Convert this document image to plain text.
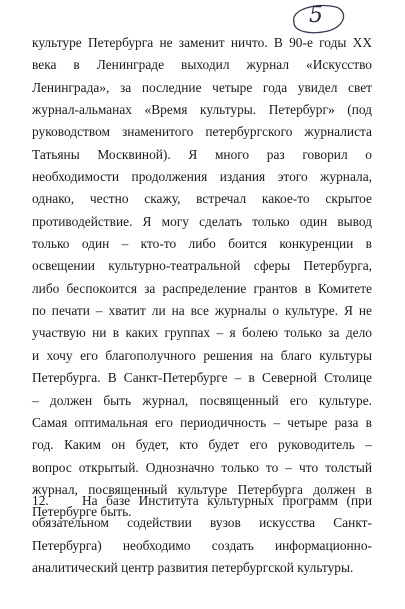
5
культуре Петербурга не заменит ничто. В 90-е годы XX
века в Ленинграде выходил журнал «Искусство
Ленинграда», за последние четыре года увидел свет
журнал-альманах «Время культуры. Петербург» (под
руководством знаменитого петербургского журналиста
Татьяны Москвиной). Я много раз говорил о
необходимости продолжения издания этого журнала,
однако, честно скажу, встречал какое-то скрытое
противодействие. Я могу сделать только один вывод
только один – кто-то либо боится конкуренции в
освещении культурно-театральной сферы Петербурга,
либо беспокоится за распределение грантов в Комитете
по печати – хватит ли на все журналы о культуре. Я не
участвую ни в каких группах – я болею только за дело
и хочу его благополучного решения на благо культуры
Петербурга. В Санкт-Петербурге – в Северной Столице
– должен быть журнал, посвященный его культуре.
Самая оптимальная его периодичность – четыре раза в
год. Каким он будет, кто будет его руководитель –
вопрос открытый. Однозначно только то – что толстый
журнал, посвященный культуре Петербурга должен в
Петербурге быть.
12.	На базе Института культурных программ (при
обязательном содействии вузов искусства Санкт-
Петербурга) необходимо создать информационно-
аналитический центр развития петербургской культуры.
